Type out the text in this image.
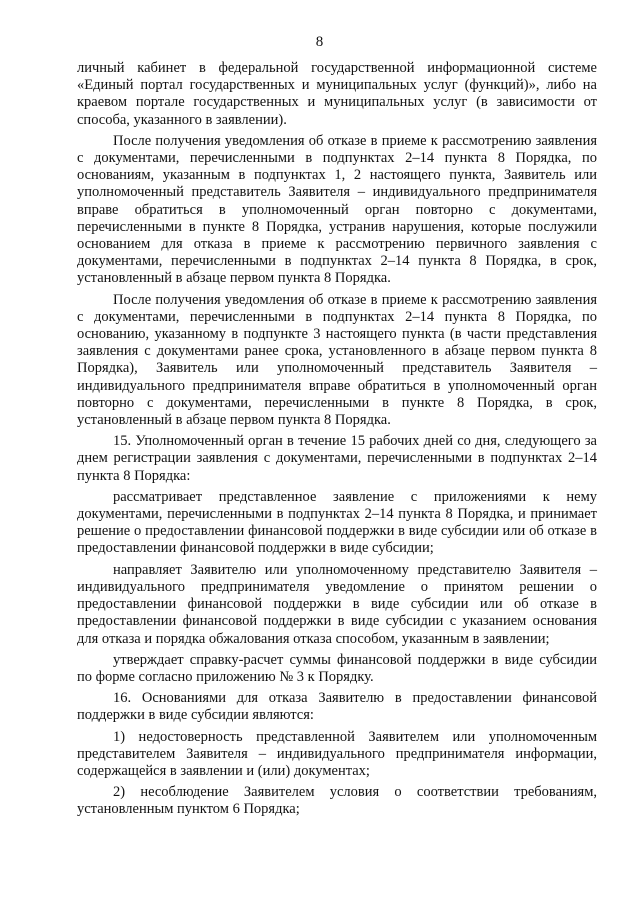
8

личный кабинет в федеральной государственной информационной системе «Единый портал государственных и муниципальных услуг (функций)», либо на краевом портале государственных и муниципальных услуг (в зависимости от способа, указанного в заявлении).

После получения уведомления об отказе в приеме к рассмотрению заявления с документами, перечисленными в подпунктах 2–14 пункта 8 Порядка, по основаниям, указанным в подпунктах 1, 2 настоящего пункта, Заявитель или уполномоченный представитель Заявителя – индивидуального предпринимателя вправе обратиться в уполномоченный орган повторно с документами, перечисленными в пункте 8 Порядка, устранив нарушения, которые послужили основанием для отказа в приеме к рассмотрению первичного заявления с документами, перечисленными в подпунктах 2–14 пункта 8 Порядка, в срок, установленный в абзаце первом пункта 8 Порядка.

После получения уведомления об отказе в приеме к рассмотрению заявления с документами, перечисленными в подпунктах 2–14 пункта 8 Порядка, по основанию, указанному в подпункте 3 настоящего пункта (в части представления заявления с документами ранее срока, установленного в абзаце первом пункта 8 Порядка), Заявитель или уполномоченный представитель Заявителя – индивидуального предпринимателя вправе обратиться в уполномоченный орган повторно с документами, перечисленными в пункте 8 Порядка, в срок, установленный в абзаце первом пункта 8 Порядка.

15. Уполномоченный орган в течение 15 рабочих дней со дня, следующего за днем регистрации заявления с документами, перечисленными в подпунктах 2–14 пункта 8 Порядка:

рассматривает представленное заявление с приложениями к нему документами, перечисленными в подпунктах 2–14 пункта 8 Порядка, и принимает решение о предоставлении финансовой поддержки в виде субсидии или об отказе в предоставлении финансовой поддержки в виде субсидии;

направляет Заявителю или уполномоченному представителю Заявителя – индивидуального предпринимателя уведомление о принятом решении о предоставлении финансовой поддержки в виде субсидии или об отказе в предоставлении финансовой поддержки в виде субсидии с указанием основания для отказа и порядка обжалования отказа способом, указанным в заявлении;

утверждает справку-расчет суммы финансовой поддержки в виде субсидии по форме согласно приложению № 3 к Порядку.

16. Основаниями для отказа Заявителю в предоставлении финансовой поддержки в виде субсидии являются:

1) недостоверность представленной Заявителем или уполномоченным представителем Заявителя – индивидуального предпринимателя информации, содержащейся в заявлении и (или) документах;

2) несоблюдение Заявителем условия о соответствии требованиям, установленным пунктом 6 Порядка;
